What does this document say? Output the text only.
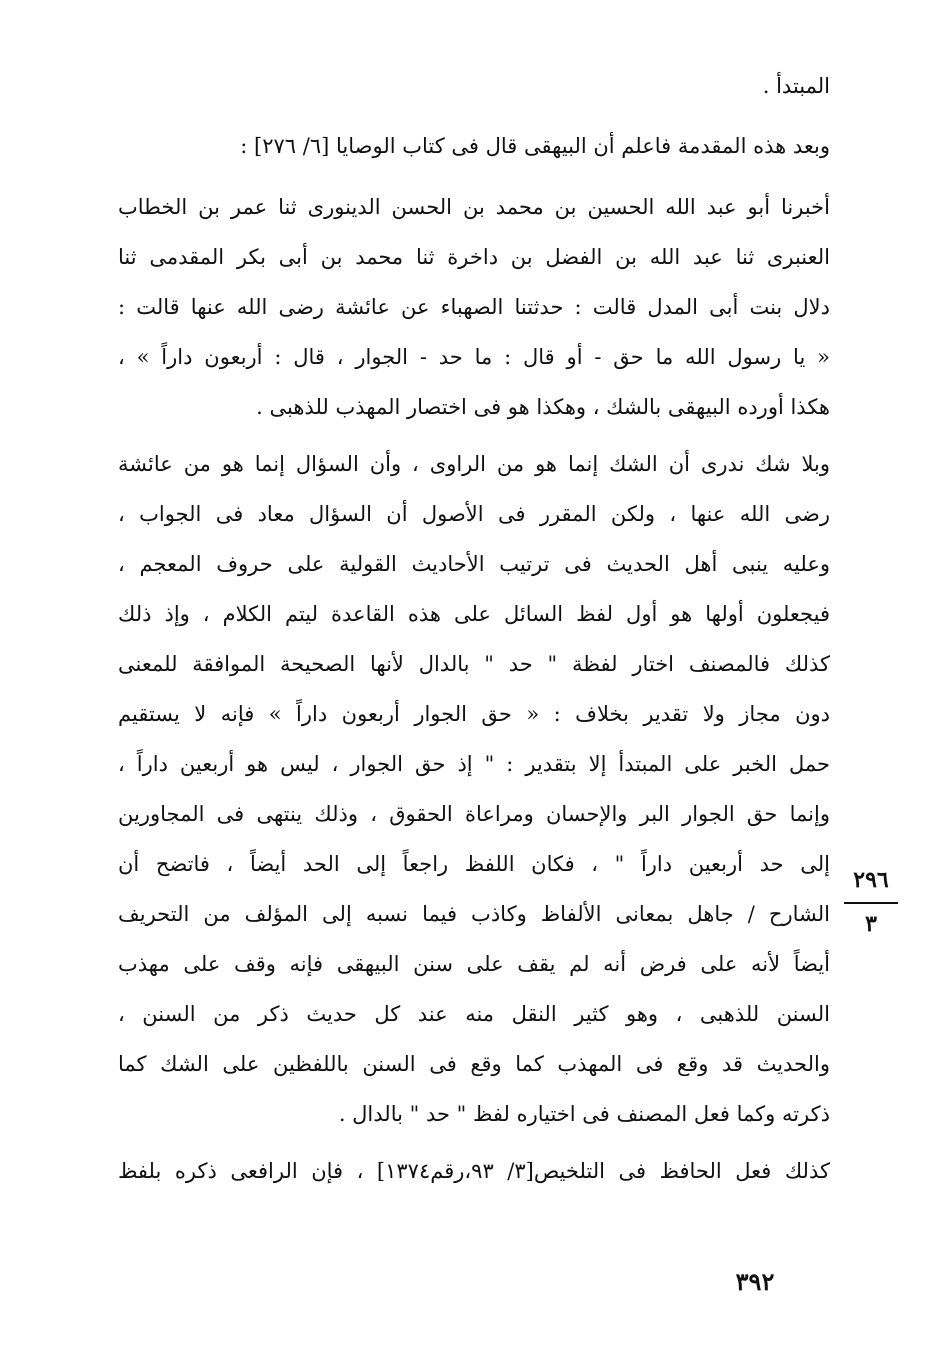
المبتدأ .
وبعد هذه المقدمة فاعلم أن البيهقى قال فى كتاب الوصايا [٦/ ٢٧٦] :
أخبرنا أبو عبد الله الحسين بن محمد بن الحسن الدينورى ثنا عمر بن الخطاب
العنبرى ثنا عبد الله بن الفضل بن داخرة ثنا محمد بن أبى بكر المقدمى ثنا
دلال بنت أبى المدل قالت : حدثتنا الصهباء عن عائشة رضى الله عنها قالت :
« يا رسول الله ما حق - أو قال : ما حد - الجوار ، قال : أربعون داراً » ،
هكذا أورده البيهقى بالشك ، وهكذا هو فى اختصار المهذب للذهبى .
وبلا شك ندرى أن الشك إنما هو من الراوى ، وأن السؤال إنما هو من عائشة
رضى الله عنها ، ولكن المقرر فى الأصول أن السؤال معاد فى الجواب ،
وعليه ينبى أهل الحديث فى ترتيب الأحاديث القولية على حروف المعجم ،
فيجعلون أولها هو أول لفظ السائل على هذه القاعدة ليتم الكلام ، وإذ ذلك
كذلك فالمصنف اختار لفظة " حد " بالدال لأنها الصحيحة الموافقة للمعنى
دون مجاز ولا تقدير بخلاف : « حق الجوار أربعون داراً » فإنه لا يستقيم
حمل الخبر على المبتدأ إلا بتقدير : " إذ حق الجوار ، ليس هو أربعين داراً ،
وإنما حق الجوار البر والإحسان ومراعاة الحقوق ، وذلك ينتهى فى المجاورين
إلى حد أربعين داراً " ، فكان اللفظ راجعاً إلى الحد أيضاً ، فاتضح أن
الشارح / جاهل بمعانى الألفاظ وكاذب فيما نسبه إلى المؤلف من التحريف
أيضاً لأنه على فرض أنه لم يقف على سنن البيهقى فإنه وقف على مهذب
السنن للذهبى ، وهو كثير النقل منه عند كل حديث ذكر من السنن ،
والحديث قد وقع فى المهذب كما وقع فى السنن باللفظين على الشك كما
ذكرته وكما فعل المصنف فى اختياره لفظ " حد " بالدال .
كذلك فعل الحافظ فى التلخيص[٣/ ٩٣،رقم١٣٧٤] ، فإن الرافعى ذكره بلفظ
٢٩٦
٣
٣٩٢
